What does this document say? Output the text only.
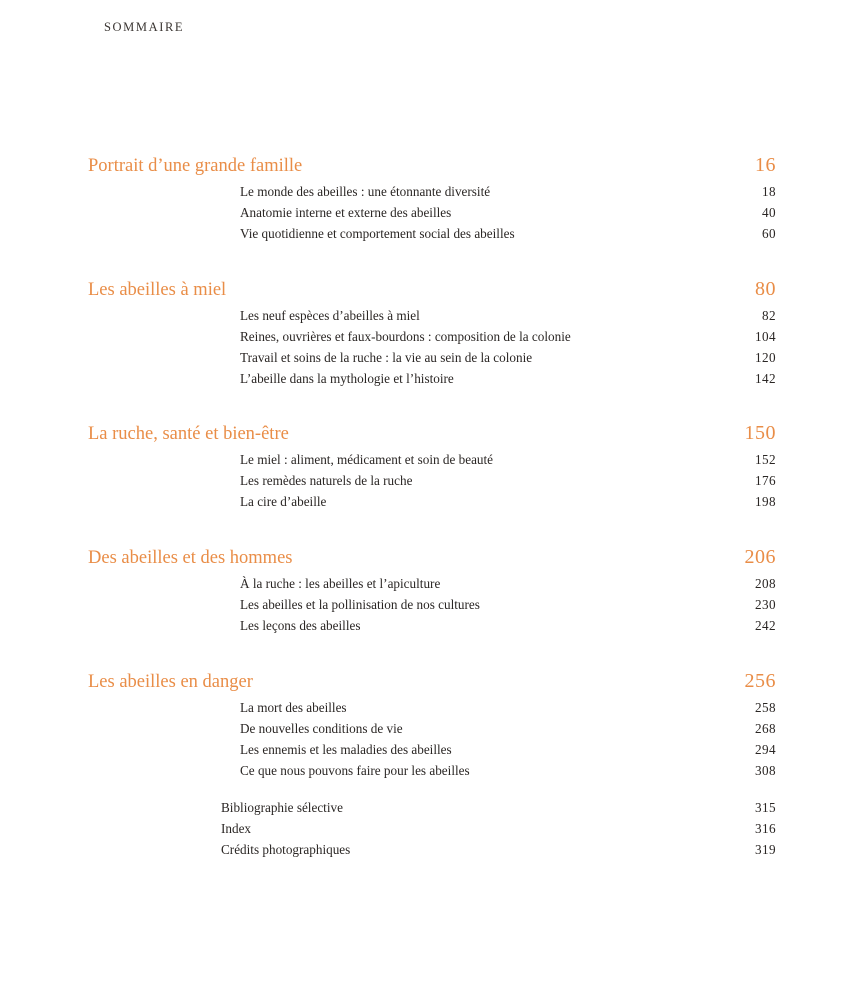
SOMMAIRE
Portrait d’une grande famille	16
Le monde des abeilles : une étonnante diversité	18
Anatomie interne et externe des abeilles	40
Vie quotidienne et comportement social des abeilles	60
Les abeilles à miel	80
Les neuf espèces d’abeilles à miel	82
Reines, ouvrières et faux-bourdons : composition de la colonie	104
Travail et soins de la ruche : la vie au sein de la colonie	120
L’abeille dans la mythologie et l’histoire	142
La ruche, santé et bien-être	150
Le miel : aliment, médicament et soin de beauté	152
Les remèdes naturels de la ruche	176
La cire d’abeille	198
Des abeilles et des hommes	206
À la ruche : les abeilles et l’apiculture	208
Les abeilles et la pollinisation de nos cultures	230
Les leçons des abeilles	242
Les abeilles en danger	256
La mort des abeilles	258
De nouvelles conditions de vie	268
Les ennemis et les maladies des abeilles	294
Ce que nous pouvons faire pour les abeilles	308
Bibliographie sélective	315
Index	316
Crédits photographiques	319
